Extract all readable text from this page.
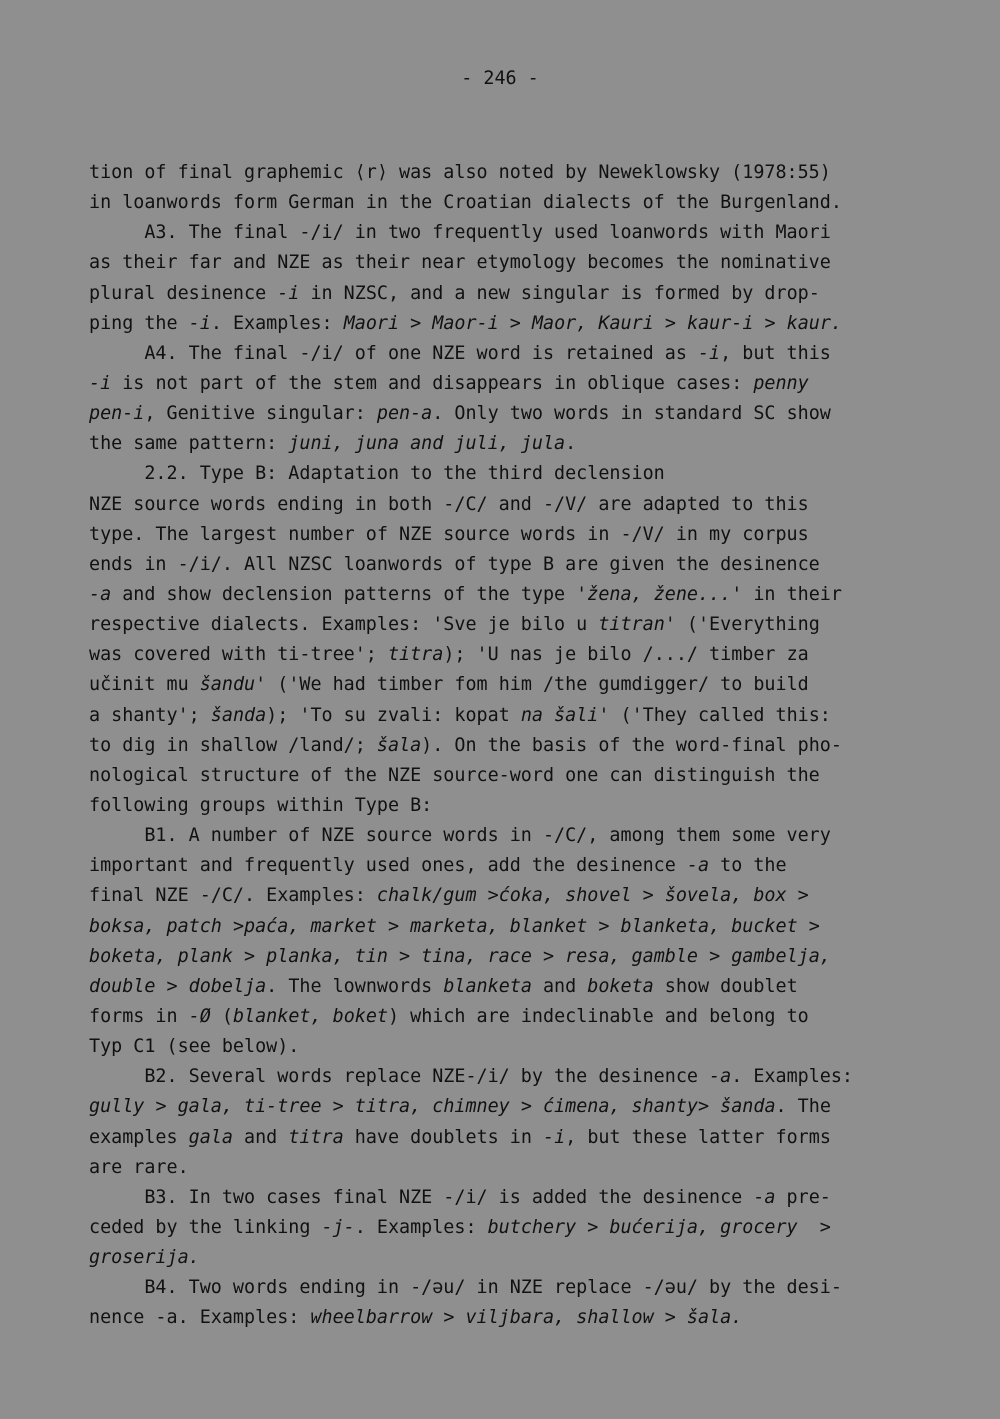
- 246 -
tion of final graphemic ⟨r⟩ was also noted by Neweklowsky (1978:55)
in loanwords form German in the Croatian dialects of the Burgenland.
A3. The final -/i/ in two frequently used loanwords with Maori
as their far and NZE as their near etymology becomes the nominative
plural desinence -i in NZSC, and a new singular is formed by drop-
ping the -i. Examples: Maori > Maor-i > Maor, Kauri > kaur-i > kaur.
A4. The final -/i/ of one NZE word is retained as -i, but this
-i is not part of the stem and disappears in oblique cases: penny
pen-i, Genitive singular: pen-a. Only two words in standard SC show
the same pattern: juni, juna and juli, jula.
2.2. Type B: Adaptation to the third declension
NZE source words ending in both -/C/ and -/V/ are adapted to this
type. The largest number of NZE source words in -/V/ in my corpus
ends in -/i/. All NZSC loanwords of type B are given the desinence
-a and show declension patterns of the type 'žena, žene...' in their
respective dialects. Examples: 'Sve je bilo u titran' ('Everything
was covered with ti-tree'; titra); 'U nas je bilo /.../ timber za
učinit mu šandu' ('We had timber fom him /the gumdigger/ to build
a shanty'; šanda); 'To su zvali: kopat na šali' ('They called this:
to dig in shallow /land/; šala). On the basis of the word-final pho-
nological structure of the NZE source-word one can distinguish the
following groups within Type B:
B1. A number of NZE source words in -/C/, among them some very
important and frequently used ones, add the desinence -a to the
final NZE -/C/. Examples: chalk/gum >ćoka, shovel > šovela, box >
boksa, patch >paća, market > marketa, blanket > blanketa, bucket >
boketa, plank > planka, tin > tina, race > resa, gamble > gambelja,
double > dobelja. The lownwords blanketa and boketa show doublet
forms in -Ø (blanket, boket) which are indeclinable and belong to
Typ C1 (see below).
B2. Several words replace NZE-/i/ by the desinence -a. Examples:
gully > gala, ti-tree > titra, chimney > ćimena, shanty> šanda. The
examples gala and titra have doublets in -i, but these latter forms
are rare.
B3. In two cases final NZE -/i/ is added the desinence -a pre-
ceded by the linking -j-. Examples: butchery > bućerija, grocery  >
groserija.
B4. Two words ending in -/əu/ in NZE replace -/əu/ by the desi-
nence -a. Examples: wheelbarrow > viljbara, shallow > šala.
